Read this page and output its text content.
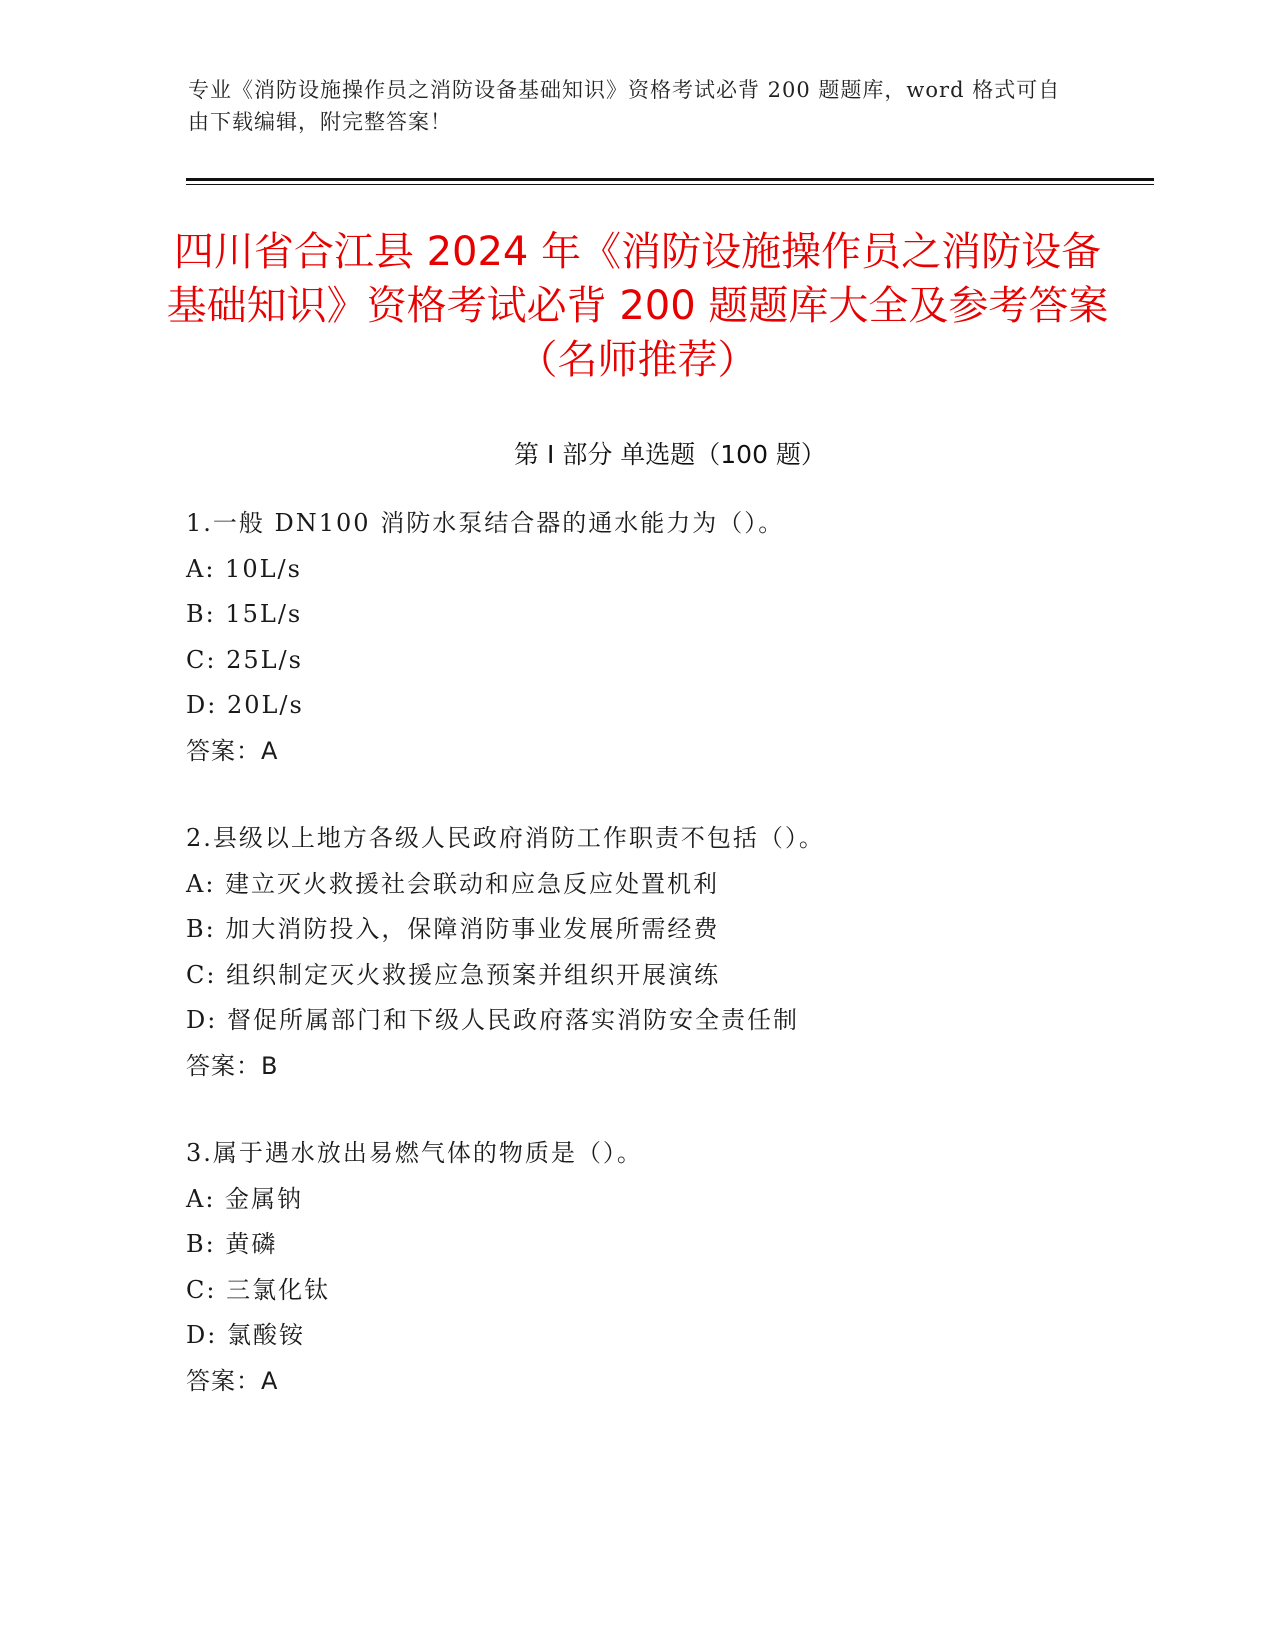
专业《消防设施操作员之消防设备基础知识》资格考试必背 200 题题库，word 格式可自由下载编辑，附完整答案！
四川省合江县 2024 年《消防设施操作员之消防设备基础知识》资格考试必背 200 题题库大全及参考答案（名师推荐）
第 I 部分 单选题（100 题）
1.一般 DN100 消防水泵结合器的通水能力为（）。
A: 10L/s
B: 15L/s
C: 25L/s
D: 20L/s
答案：A
2.县级以上地方各级人民政府消防工作职责不包括（）。
A: 建立灭火救援社会联动和应急反应处置机利
B: 加大消防投入，保障消防事业发展所需经费
C: 组织制定灭火救援应急预案并组织开展演练
D: 督促所属部门和下级人民政府落实消防安全责任制
答案：B
3.属于遇水放出易燃气体的物质是（）。
A: 金属钠
B: 黄磷
C: 三氯化钛
D: 氯酸铵
答案：A
